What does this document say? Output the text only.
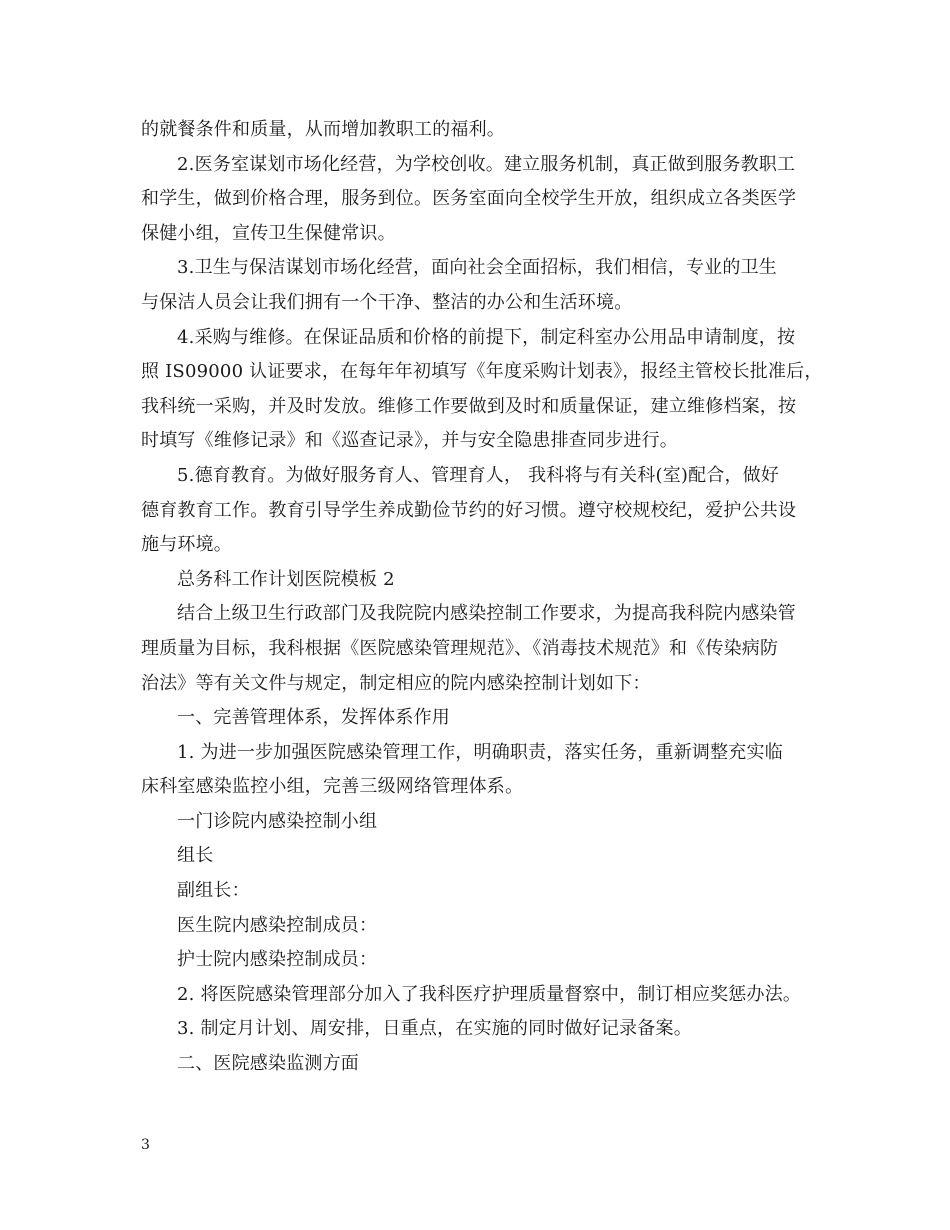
的就餐条件和质量，从而增加教职工的福利。
2.医务室谋划市场化经营，为学校创收。建立服务机制，真正做到服务教职工
和学生，做到价格合理，服务到位。医务室面向全校学生开放，组织成立各类医学
保健小组，宣传卫生保健常识。
3.卫生与保洁谋划市场化经营，面向社会全面招标，我们相信，专业的卫生
与保洁人员会让我们拥有一个干净、整洁的办公和生活环境。
4.采购与维修。在保证品质和价格的前提下，制定科室办公用品申请制度，按
照 IS09000 认证要求，在每年年初填写《年度采购计划表》，报经主管校长批准后，
我科统一采购，并及时发放。维修工作要做到及时和质量保证，建立维修档案，按
时填写《维修记录》和《巡查记录》，并与安全隐患排查同步进行。
5.德育教育。为做好服务育人、管理育人， 我科将与有关科(室)配合，做好
德育教育工作。教育引导学生养成勤俭节约的好习惯。遵守校规校纪，爱护公共设
施与环境。
总务科工作计划医院模板 2
结合上级卫生行政部门及我院院内感染控制工作要求，为提高我科院内感染管
理质量为目标，我科根据《医院感染管理规范》、《消毒技术规范》和《传染病防
治法》等有关文件与规定，制定相应的院内感染控制计划如下：
一、完善管理体系，发挥体系作用
1. 为进一步加强医院感染管理工作，明确职责，落实任务，重新调整充实临
床科室感染监控小组，完善三级网络管理体系。
一门诊院内感染控制小组
组长
副组长：
医生院内感染控制成员：
护士院内感染控制成员：
2. 将医院感染管理部分加入了我科医疗护理质量督察中，制订相应奖惩办法。
3. 制定月计划、周安排，日重点，在实施的同时做好记录备案。
二、医院感染监测方面
3
